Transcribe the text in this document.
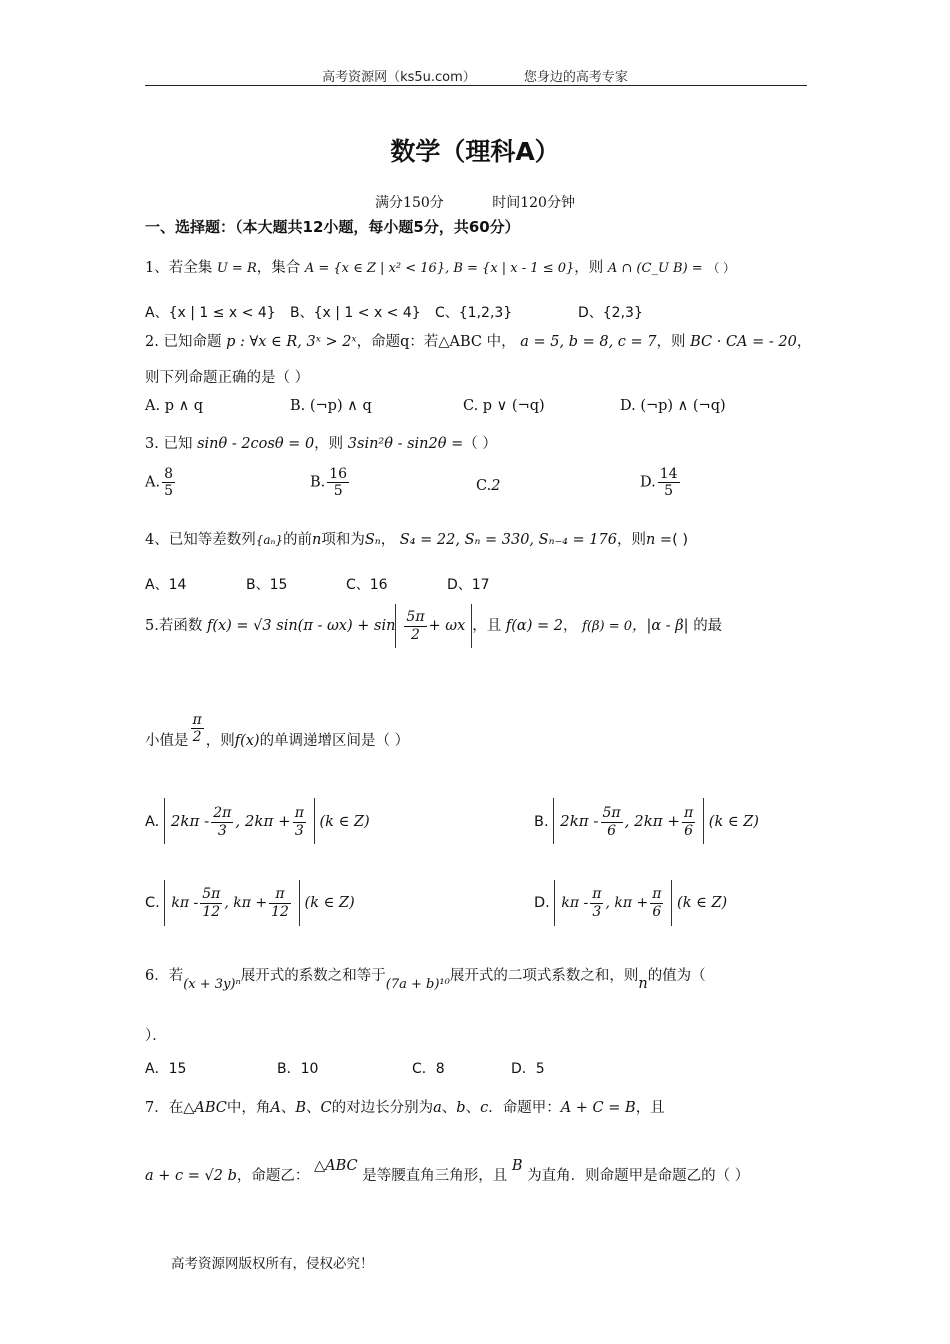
高考资源网（ks5u.com）	您身边的高考专家
数学（理科A）
满分150分	时间120分钟
一、选择题：（本大题共12小题，每小题5分，共60分）
1、若全集 U = R，集合 A = {x ∈ Z | x² < 16}, B = {x | x - 1 ≤ 0}，则 A ∩ (C_U B) = （ ）
A、{x | 1 ≤ x < 4} B、{x | 1 < x < 4} C、{1,2,3}	D、{2,3}
2. 已知命题 p : ∀x ∈ R, 3ˣ > 2ˣ，命题q：若△ABC 中， a = 5, b = 8, c = 7，则 BC · CA = - 20，
则下列命题正确的是（ ）
A. p ∧ q	B. (¬p) ∧ q	C. p ∨ (¬q)	D. (¬p) ∧ (¬q)
3. 已知 sinθ - 2cosθ = 0，则 3sin²θ - sin2θ =（ ）
A. $\frac{8}{5}$	B. $\frac{16}{5}$	C.2	D. $\frac{14}{5}$
4、已知等差数列{aₙ}的前n项和为Sₙ， S₄ = 22, Sₙ = 330, Sₙ₋₄ = 176，则n =( )
A、14	B、15	C、16	D、17
5.若函数 f(x) = √3 $\sin(\pi - \omega x) + \sin \frac{5\pi}{2} + \omega x$ ，且 f(α) = 2， f(β) = 0，|α - β| 的最
小值是 $\frac{\pi}{2}$ ，则f(x)的单调递增区间是（ ）
A. $2k\pi - \frac{2\pi}{3}$ , $2k\pi + \frac{\pi}{3} (k$ ∈ Z)	B. $2k\pi - \frac{5\pi}{6}$ , $2k\pi + \frac{\pi}{6} (k$ ∈ Z)
C. kπ - $\frac{5\pi}{12}$ , $k\pi + \frac{\pi}{12} (k$ ∈ Z)	D. kπ - $\frac{\pi}{3}$ , $k\pi + \frac{\pi}{6} (k$ ∈ Z)
6．若(x + 3y)ⁿ展开式的系数之和等于(7a + b)¹⁰展开式的二项式系数之和，则n的值为（
）．
A．15	B．10	C．8	D．5
7．在△ABC中，角A、B、C的对边长分别为a、b、c．命题甲：A + C = B，且
a + c = √2 b，命题乙： △ABC 是等腰直角三角形，且 B 为直角．则命题甲是命题乙的（ ）
高考资源网版权所有，侵权必究！
